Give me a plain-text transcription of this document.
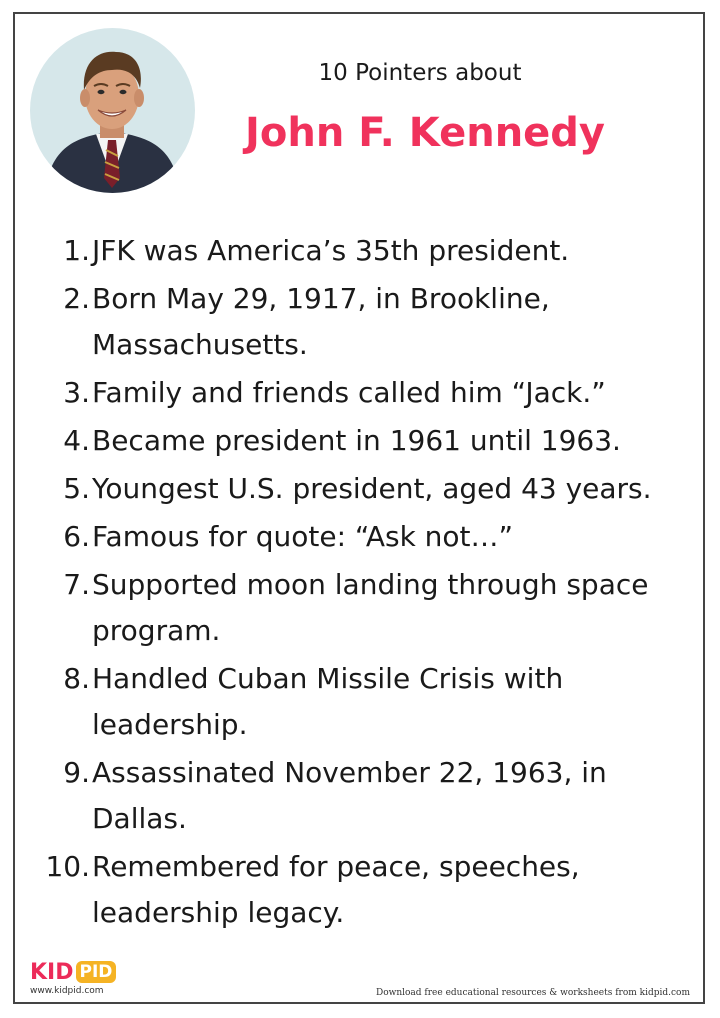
10 Pointers about
John F. Kennedy
1. JFK was America’s 35th president.
2. Born May 29, 1917, in Brookline, Massachusetts.
3. Family and friends called him “Jack.”
4. Became president in 1961 until 1963.
5. Youngest U.S. president, aged 43 years.
6. Famous for quote: “Ask not…”
7. Supported moon landing through space program.
8. Handled Cuban Missile Crisis with leadership.
9. Assassinated November 22, 1963, in Dallas.
10. Remembered for peace, speeches, leadership legacy.
KID PID
www.kidpid.com	Download free educational resources & worksheets from kidpid.com
